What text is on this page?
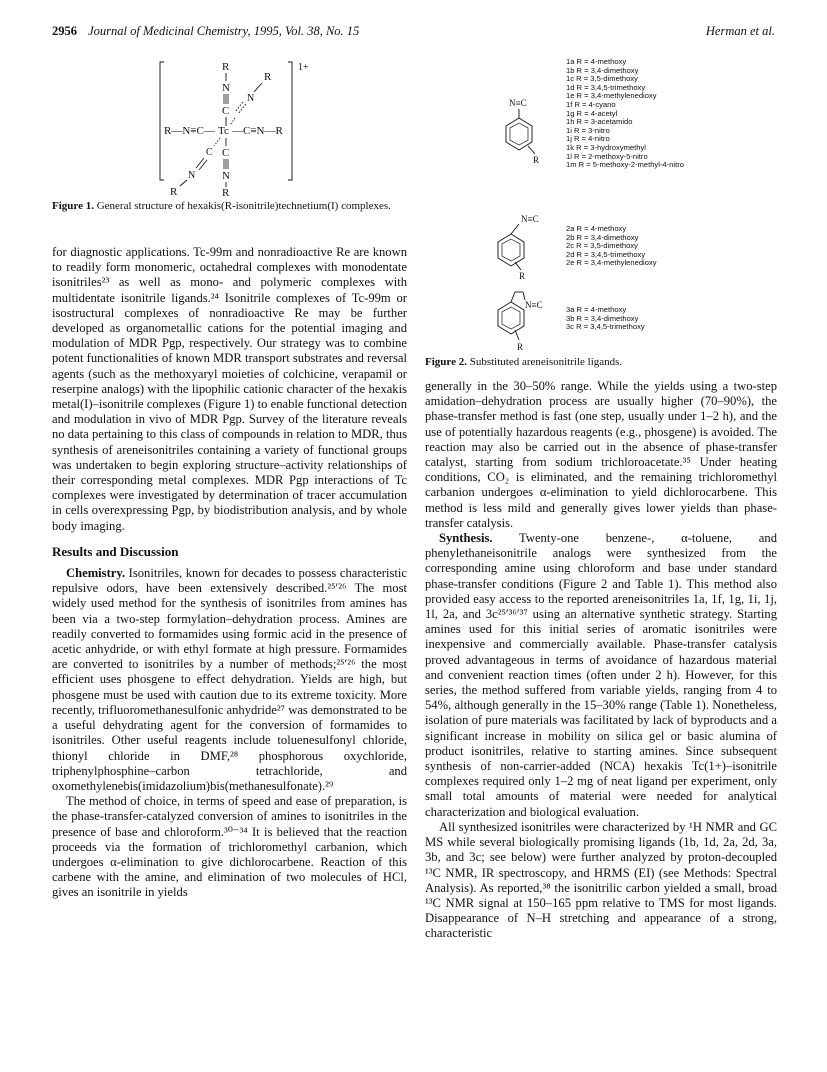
2956 Journal of Medicinal Chemistry, 1995, Vol. 38, No. 15	Herman et al.
1+
R
N
C
R
N
R—N≡C— Tc —C≡N—R
C
N
R
C
N
R
Figure 1. General structure of hexakis(R-isonitrile)technetium(I) complexes.
N≡C
R
1a R = 4-methoxy
1b R = 3,4-dimethoxy
1c R = 3,5-dimethoxy
1d R = 3,4,5-trimethoxy
1e R = 3,4-methylenedioxy
1f R = 4-cyano
1g R = 4-acetyl
1h R = 3-acetamido
1i R = 3-nitro
1j R = 4-nitro
1k R = 3-hydroxymethyl
1l R = 2-methoxy-5-nitro
1m R = 5-methoxy-2-methyl-4-nitro
N≡C
R
2a R = 4-methoxy
2b R = 3,4-dimethoxy
2c R = 3,5-dimethoxy
2d R = 3,4,5-trimethoxy
2e R = 3,4-methylenedioxy
N≡C
R
3a R = 4-methoxy
3b R = 3,4-dimethoxy
3c R = 3,4,5-trimethoxy
Figure 2. Substituted areneisonitrile ligands.

for diagnostic applications. Tc-99m and nonradioactive Re are known to readily form monomeric, octahedral complexes with monodentate isonitriles²³ as well as mono- and polymeric complexes with multidentate isonitrile ligands.²⁴ Isonitrile complexes of Tc-99m or isostructural complexes of nonradioactive Re may be further developed as organometallic cations for the potential imaging and modulation of MDR Pgp, respectively. Our strategy was to combine potent functionalities of known MDR transport substrates and reversal agents (such as the methoxyaryl moieties of colchicine, verapamil or reserpine analogs) with the lipophilic cationic character of the hexakis metal(I)–isonitrile complexes (Figure 1) to enable functional detection and modulation in vivo of MDR Pgp. Survey of the literature reveals no data pertaining to this class of compounds in relation to MDR, thus synthesis of areneisonitriles containing a variety of functional groups was undertaken to begin exploring structure–activity relationships of their corresponding metal complexes. MDR Pgp interactions of Tc complexes were investigated by determination of tracer accumulation in cells overexpressing Pgp, by biodistribution analysis, and by whole body imaging.

Results and Discussion

Chemistry. Isonitriles, known for decades to possess characteristic repulsive odors, have been extensively described.²⁵ʹ²⁶ The most widely used method for the synthesis of isonitriles from amines has been via a two-step formylation–dehydration process. Amines are readily converted to formamides using formic acid in the presence of acetic anhydride, or with ethyl formate at high pressure. Formamides are converted to isonitriles by a number of methods;²⁵ʹ²⁶ the most efficient uses phosgene to effect dehydration. Yields are high, but phosgene must be used with caution due to its extreme toxicity. More recently, trifluoromethanesulfonic anhydride²⁷ was demonstrated to be a useful dehydrating agent for the conversion of formamides to isonitriles. Other useful reagents include toluenesulfonyl chloride, thionyl chloride in DMF,²⁸ phosphorous oxychloride, triphenylphosphine–carbon tetrachloride, and oxomethylenebis(imidazolium)bis(methanesulfonate).²⁹

The method of choice, in terms of speed and ease of preparation, is the phase-transfer-catalyzed conversion of amines to isonitriles in the presence of base and chloroform.³⁰⁻³⁴ It is believed that the reaction proceeds via the formation of trichloromethyl carbanion, which undergoes α-elimination to give dichlorocarbene. Reaction of this carbene with the amine, and elimination of two molecules of HCl, gives an isonitrile in yields

generally in the 30–50% range. While the yields using a two-step amidation–dehydration process are usually higher (70–90%), the phase-transfer method is fast (one step, usually under 1–2 h), and the use of potentially hazardous reagents (e.g., phosgene) is avoided. The reaction may also be carried out in the absence of phase-transfer catalyst, starting from sodium trichloroacetate.³⁵ Under heating conditions, CO₂ is eliminated, and the remaining trichloromethyl carbanion undergoes α-elimination to yield dichlorocarbene. This method is less mild and generally gives lower yields than phase-transfer catalysis.

Synthesis. Twenty-one benzene-, α-toluene, and phenylethaneisonitrile analogs were synthesized from the corresponding amine using chloroform and base under standard phase-transfer conditions (Figure 2 and Table 1). This method also provided easy access to the reported areneisonitriles 1a, 1f, 1g, 1i, 1j, 1l, 2a, and 3c²⁵ʹ³⁶ʹ³⁷ using an alternative synthetic strategy. Starting amines used for this initial series of aromatic isonitriles were inexpensive and commercially available. Phase-transfer catalysis proved advantageous in terms of avoidance of hazardous material and convenient reaction times (often under 2 h). However, for this series, the method suffered from variable yields, ranging from 4 to 54%, although generally in the 15–30% range (Table 1). Nonetheless, isolation of pure materials was facilitated by lack of byproducts and a significant increase in mobility on silica gel or basic alumina of product isonitriles, relative to starting amines. Since subsequent synthesis of non-carrier-added (NCA) hexakis Tc(1+)–isonitrile complexes required only 1–2 mg of neat ligand per experiment, only small total amounts of material were needed for analytical characterization and biological evaluation.

All synthesized isonitriles were characterized by ¹H NMR and GC MS while several biologically promising ligands (1b, 1d, 2a, 2d, 3a, 3b, and 3c; see below) were further analyzed by proton-decoupled ¹³C NMR, IR spectroscopy, and HRMS (EI) (see Methods: Spectral Analysis). As reported,³⁸ the isonitrilic carbon yielded a small, broad ¹³C NMR signal at 150–165 ppm relative to TMS for most ligands. Disappearance of N–H stretching and appearance of a strong, characteristic
